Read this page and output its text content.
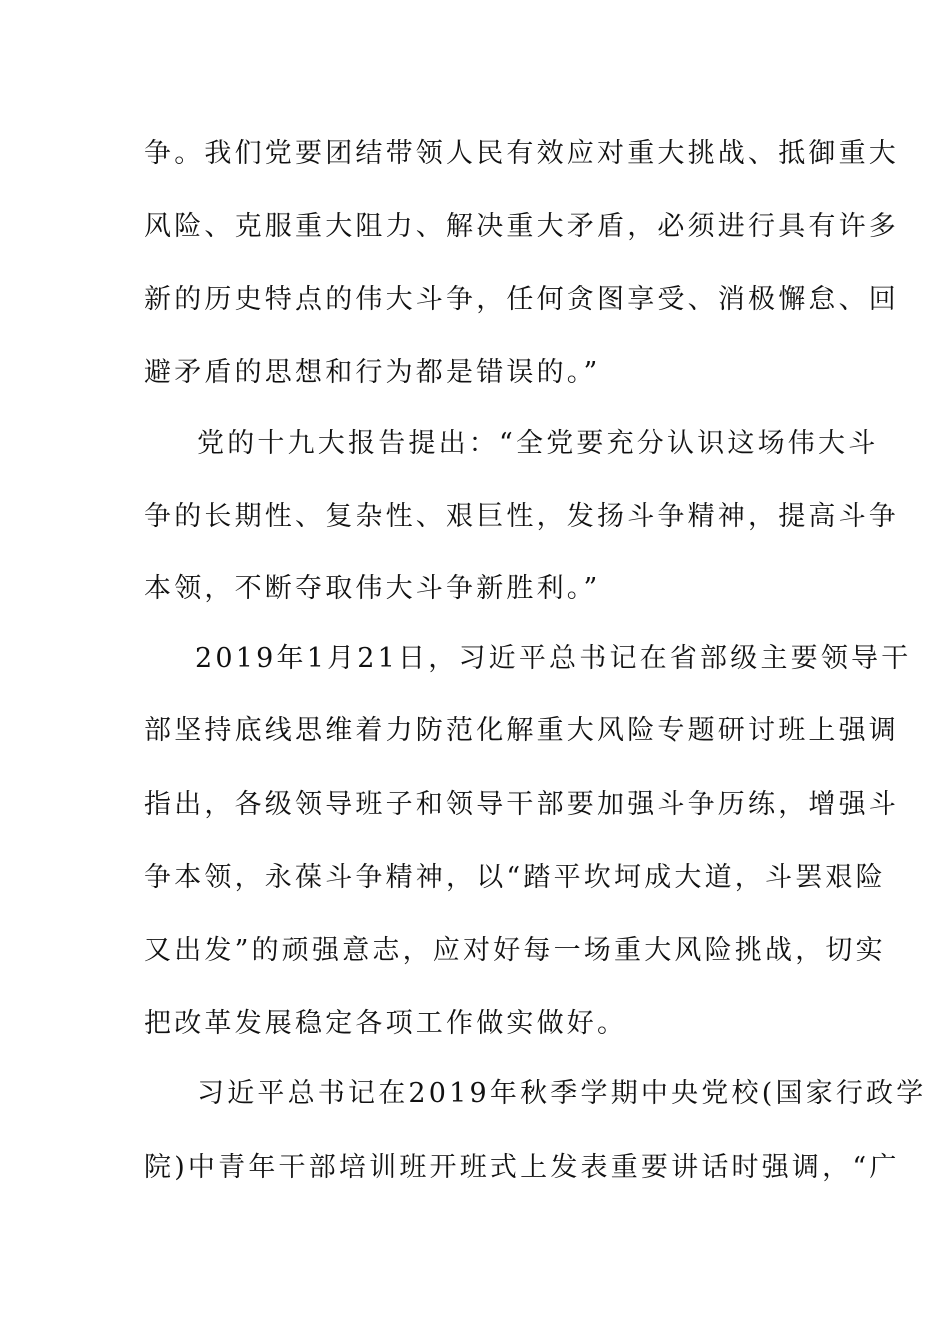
争。我们党要团结带领人民有效应对重大挑战、抵御重大
风险、克服重大阻力、解决重大矛盾，必须进行具有许多
新的历史特点的伟大斗争，任何贪图享受、消极懈怠、回
避矛盾的思想和行为都是错误的。”
党的十九大报告提出：“全党要充分认识这场伟大斗
争的长期性、复杂性、艰巨性，发扬斗争精神，提高斗争
本领，不断夺取伟大斗争新胜利。”
2019年1月21日，习近平总书记在省部级主要领导干
部坚持底线思维着力防范化解重大风险专题研讨班上强调
指出，各级领导班子和领导干部要加强斗争历练，增强斗
争本领，永葆斗争精神，以“踏平坎坷成大道，斗罢艰险
又出发”的顽强意志，应对好每一场重大风险挑战，切实
把改革发展稳定各项工作做实做好。
习近平总书记在2019年秋季学期中央党校(国家行政学
院)中青年干部培训班开班式上发表重要讲话时强调，“广
